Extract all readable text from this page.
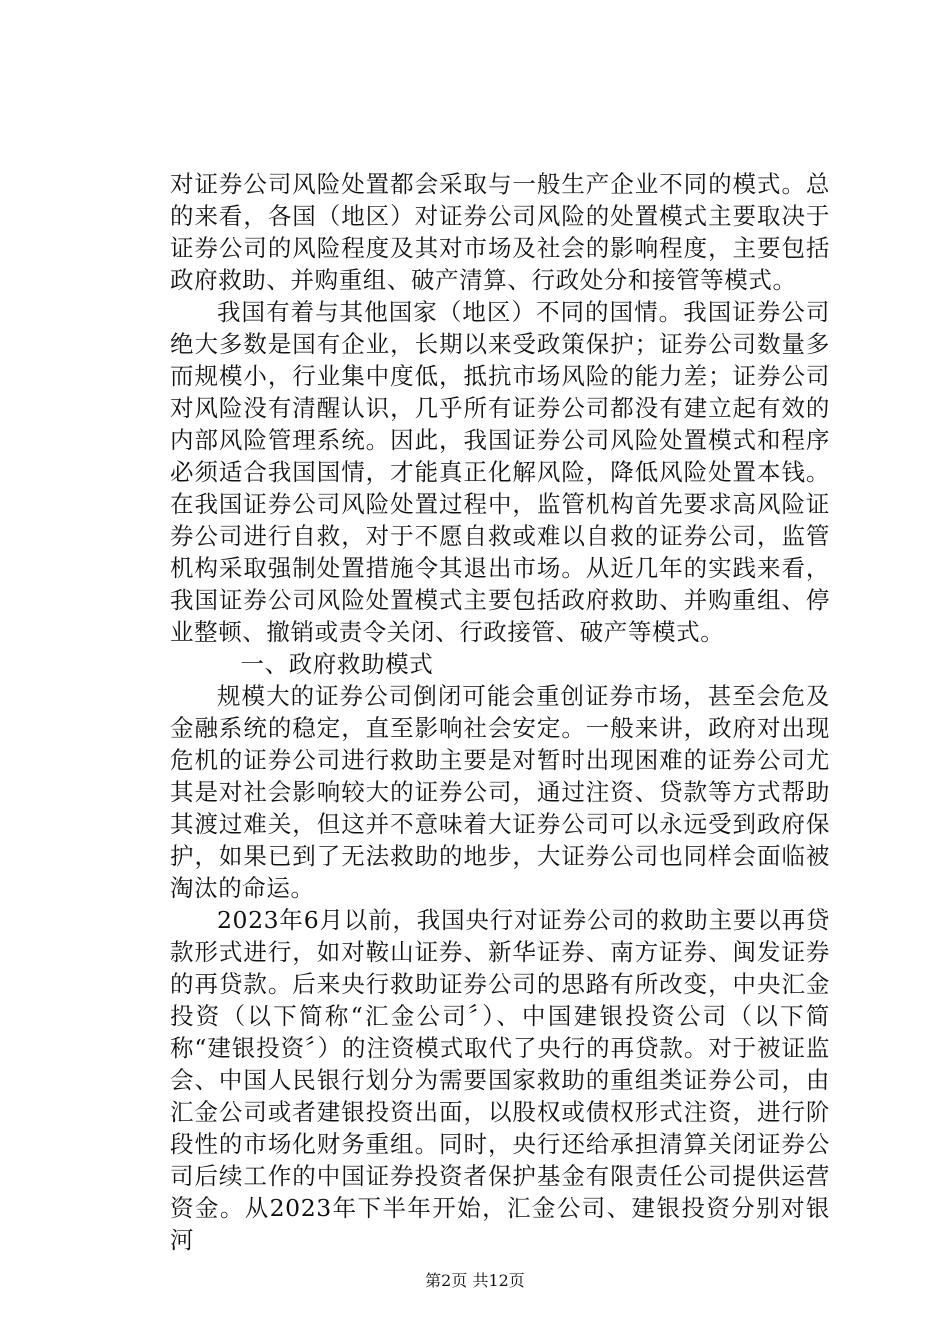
对证券公司风险处置都会采取与一般生产企业不同的模式。总的来看，各国（地区）对证券公司风险的处置模式主要取决于证券公司的风险程度及其对市场及社会的影响程度，主要包括政府救助、并购重组、破产清算、行政处分和接管等模式。

我国有着与其他国家（地区）不同的国情。我国证券公司绝大多数是国有企业，长期以来受政策保护；证券公司数量多而规模小，行业集中度低，抵抗市场风险的能力差；证券公司对风险没有清醒认识，几乎所有证券公司都没有建立起有效的内部风险管理系统。因此，我国证券公司风险处置模式和程序必须适合我国国情，才能真正化解风险，降低风险处置本钱。在我国证券公司风险处置过程中，监管机构首先要求高风险证券公司进行自救，对于不愿自救或难以自救的证券公司，监管机构采取强制处置措施令其退出市场。从近几年的实践来看，我国证券公司风险处置模式主要包括政府救助、并购重组、停业整顿、撤销或责令关闭、行政接管、破产等模式。

一、政府救助模式

规模大的证券公司倒闭可能会重创证券市场，甚至会危及金融系统的稳定，直至影响社会安定。一般来讲，政府对出现危机的证券公司进行救助主要是对暂时出现困难的证券公司尤其是对社会影响较大的证券公司，通过注资、贷款等方式帮助其渡过难关，但这并不意味着大证券公司可以永远受到政府保护，如果已到了无法救助的地步，大证券公司也同样会面临被淘汰的命运。

2023年6月以前，我国央行对证券公司的救助主要以再贷款形式进行，如对鞍山证券、新华证券、南方证券、闽发证券的再贷款。后来央行救助证券公司的思路有所改变，中央汇金投资（以下简称“汇金公司〞）、中国建银投资公司（以下简称“建银投资〞）的注资模式取代了央行的再贷款。对于被证监会、中国人民银行划分为需要国家救助的重组类证券公司，由汇金公司或者建银投资出面，以股权或债权形式注资，进行阶段性的市场化财务重组。同时，央行还给承担清算关闭证券公司后续工作的中国证券投资者保护基金有限责任公司提供运营资金。从2023年下半年开始，汇金公司、建银投资分别对银河

第2页 共12页
